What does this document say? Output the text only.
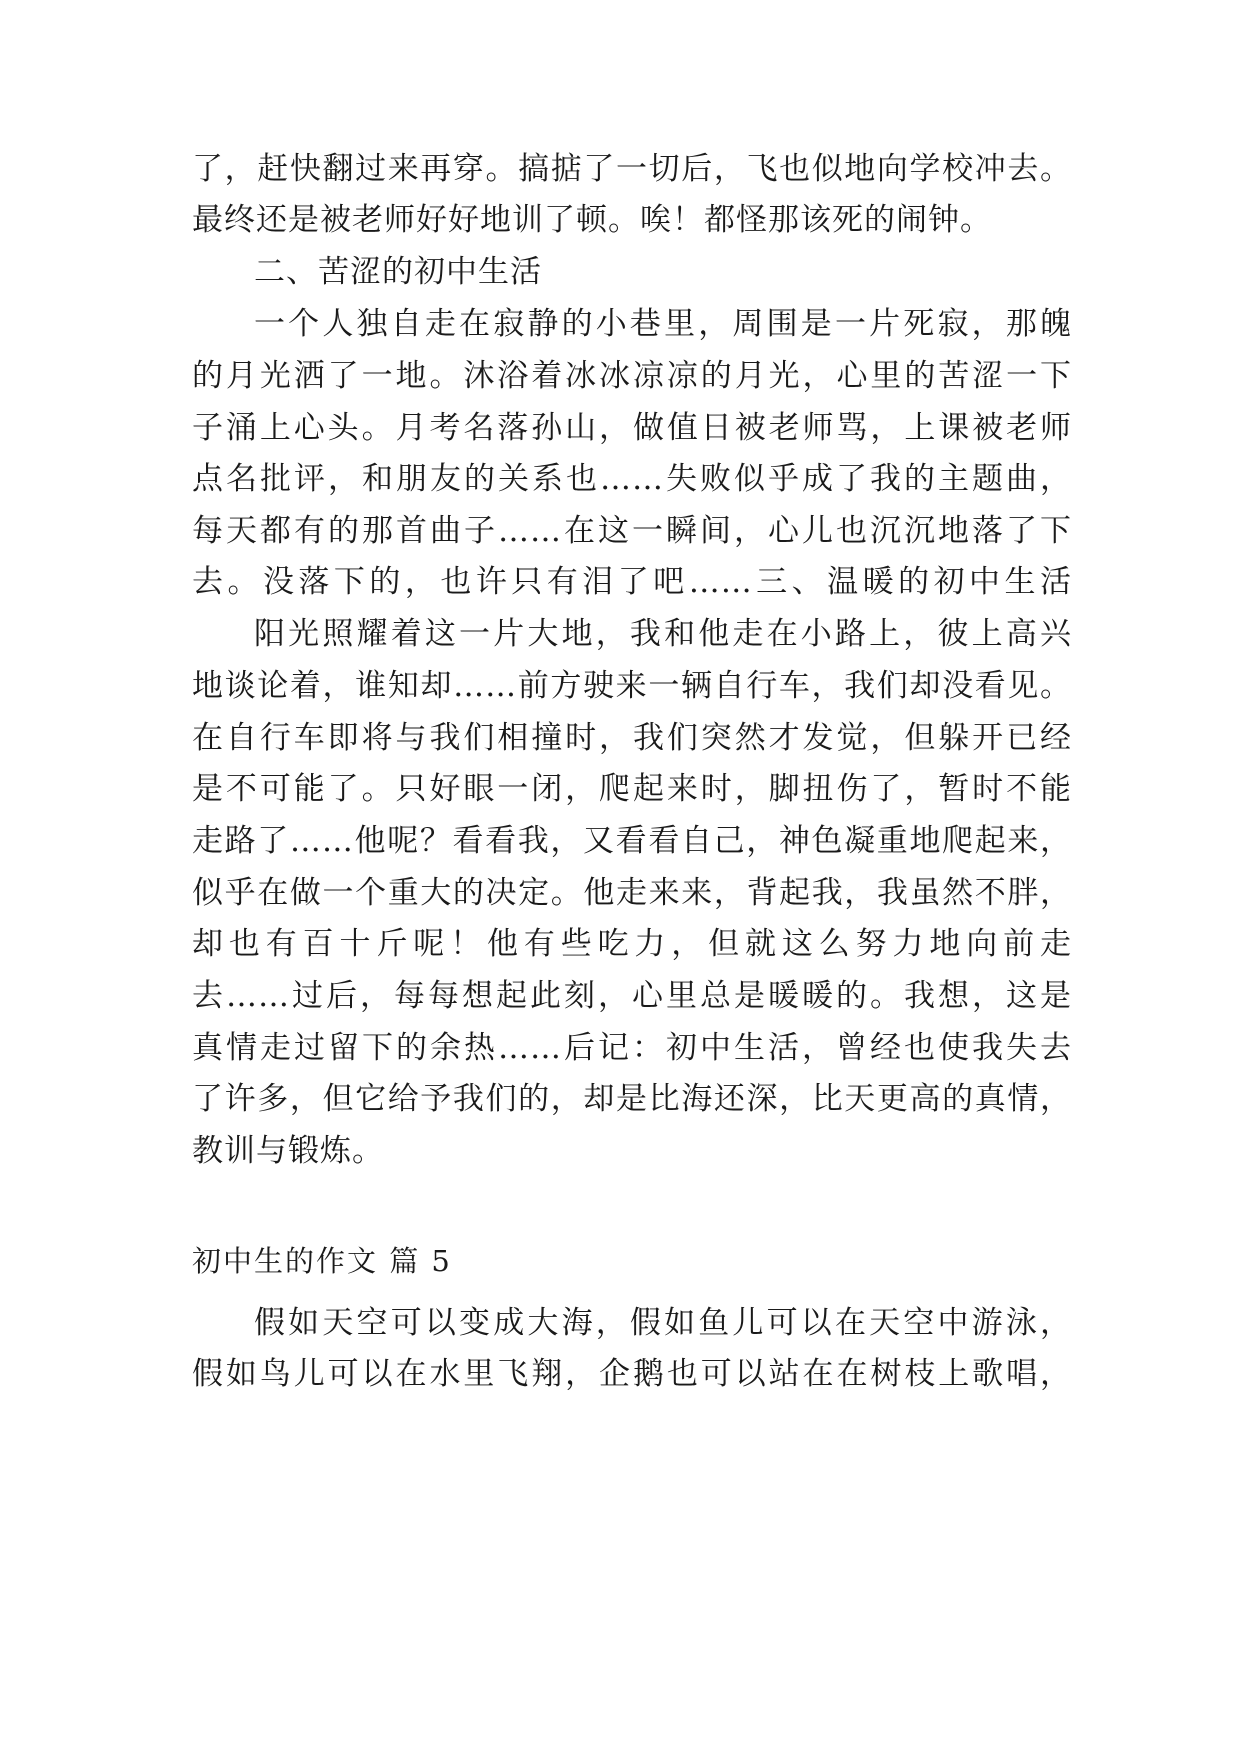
了，赶快翻过来再穿。搞掂了一切后，飞也似地向学校冲去。
最终还是被老师好好地训了顿。唉！都怪那该死的闹钟。
二、苦涩的初中生活
一个人独自走在寂静的小巷里，周围是一片死寂，那魄
的月光洒了一地。沐浴着冰冰凉凉的月光，心里的苦涩一下
子涌上心头。月考名落孙山，做值日被老师骂，上课被老师
点名批评，和朋友的关系也……失败似乎成了我的主题曲，
每天都有的那首曲子……在这一瞬间，心儿也沉沉地落了下
去。没落下的，也许只有泪了吧……三、温暖的初中生活
阳光照耀着这一片大地，我和他走在小路上，彼上高兴
地谈论着，谁知却……前方驶来一辆自行车，我们却没看见。
在自行车即将与我们相撞时，我们突然才发觉，但躲开已经
是不可能了。只好眼一闭，爬起来时，脚扭伤了，暂时不能
走路了……他呢？看看我，又看看自己，神色凝重地爬起来，
似乎在做一个重大的决定。他走来来，背起我，我虽然不胖，
却也有百十斤呢！他有些吃力，但就这么努力地向前走
去……过后，每每想起此刻，心里总是暖暖的。我想，这是
真情走过留下的余热……后记：初中生活，曾经也使我失去
了许多，但它给予我们的，却是比海还深，比天更高的真情，
教训与锻炼。
初中生的作文 篇 5
假如天空可以变成大海，假如鱼儿可以在天空中游泳，
假如鸟儿可以在水里飞翔，企鹅也可以站在在树枝上歌唱，
